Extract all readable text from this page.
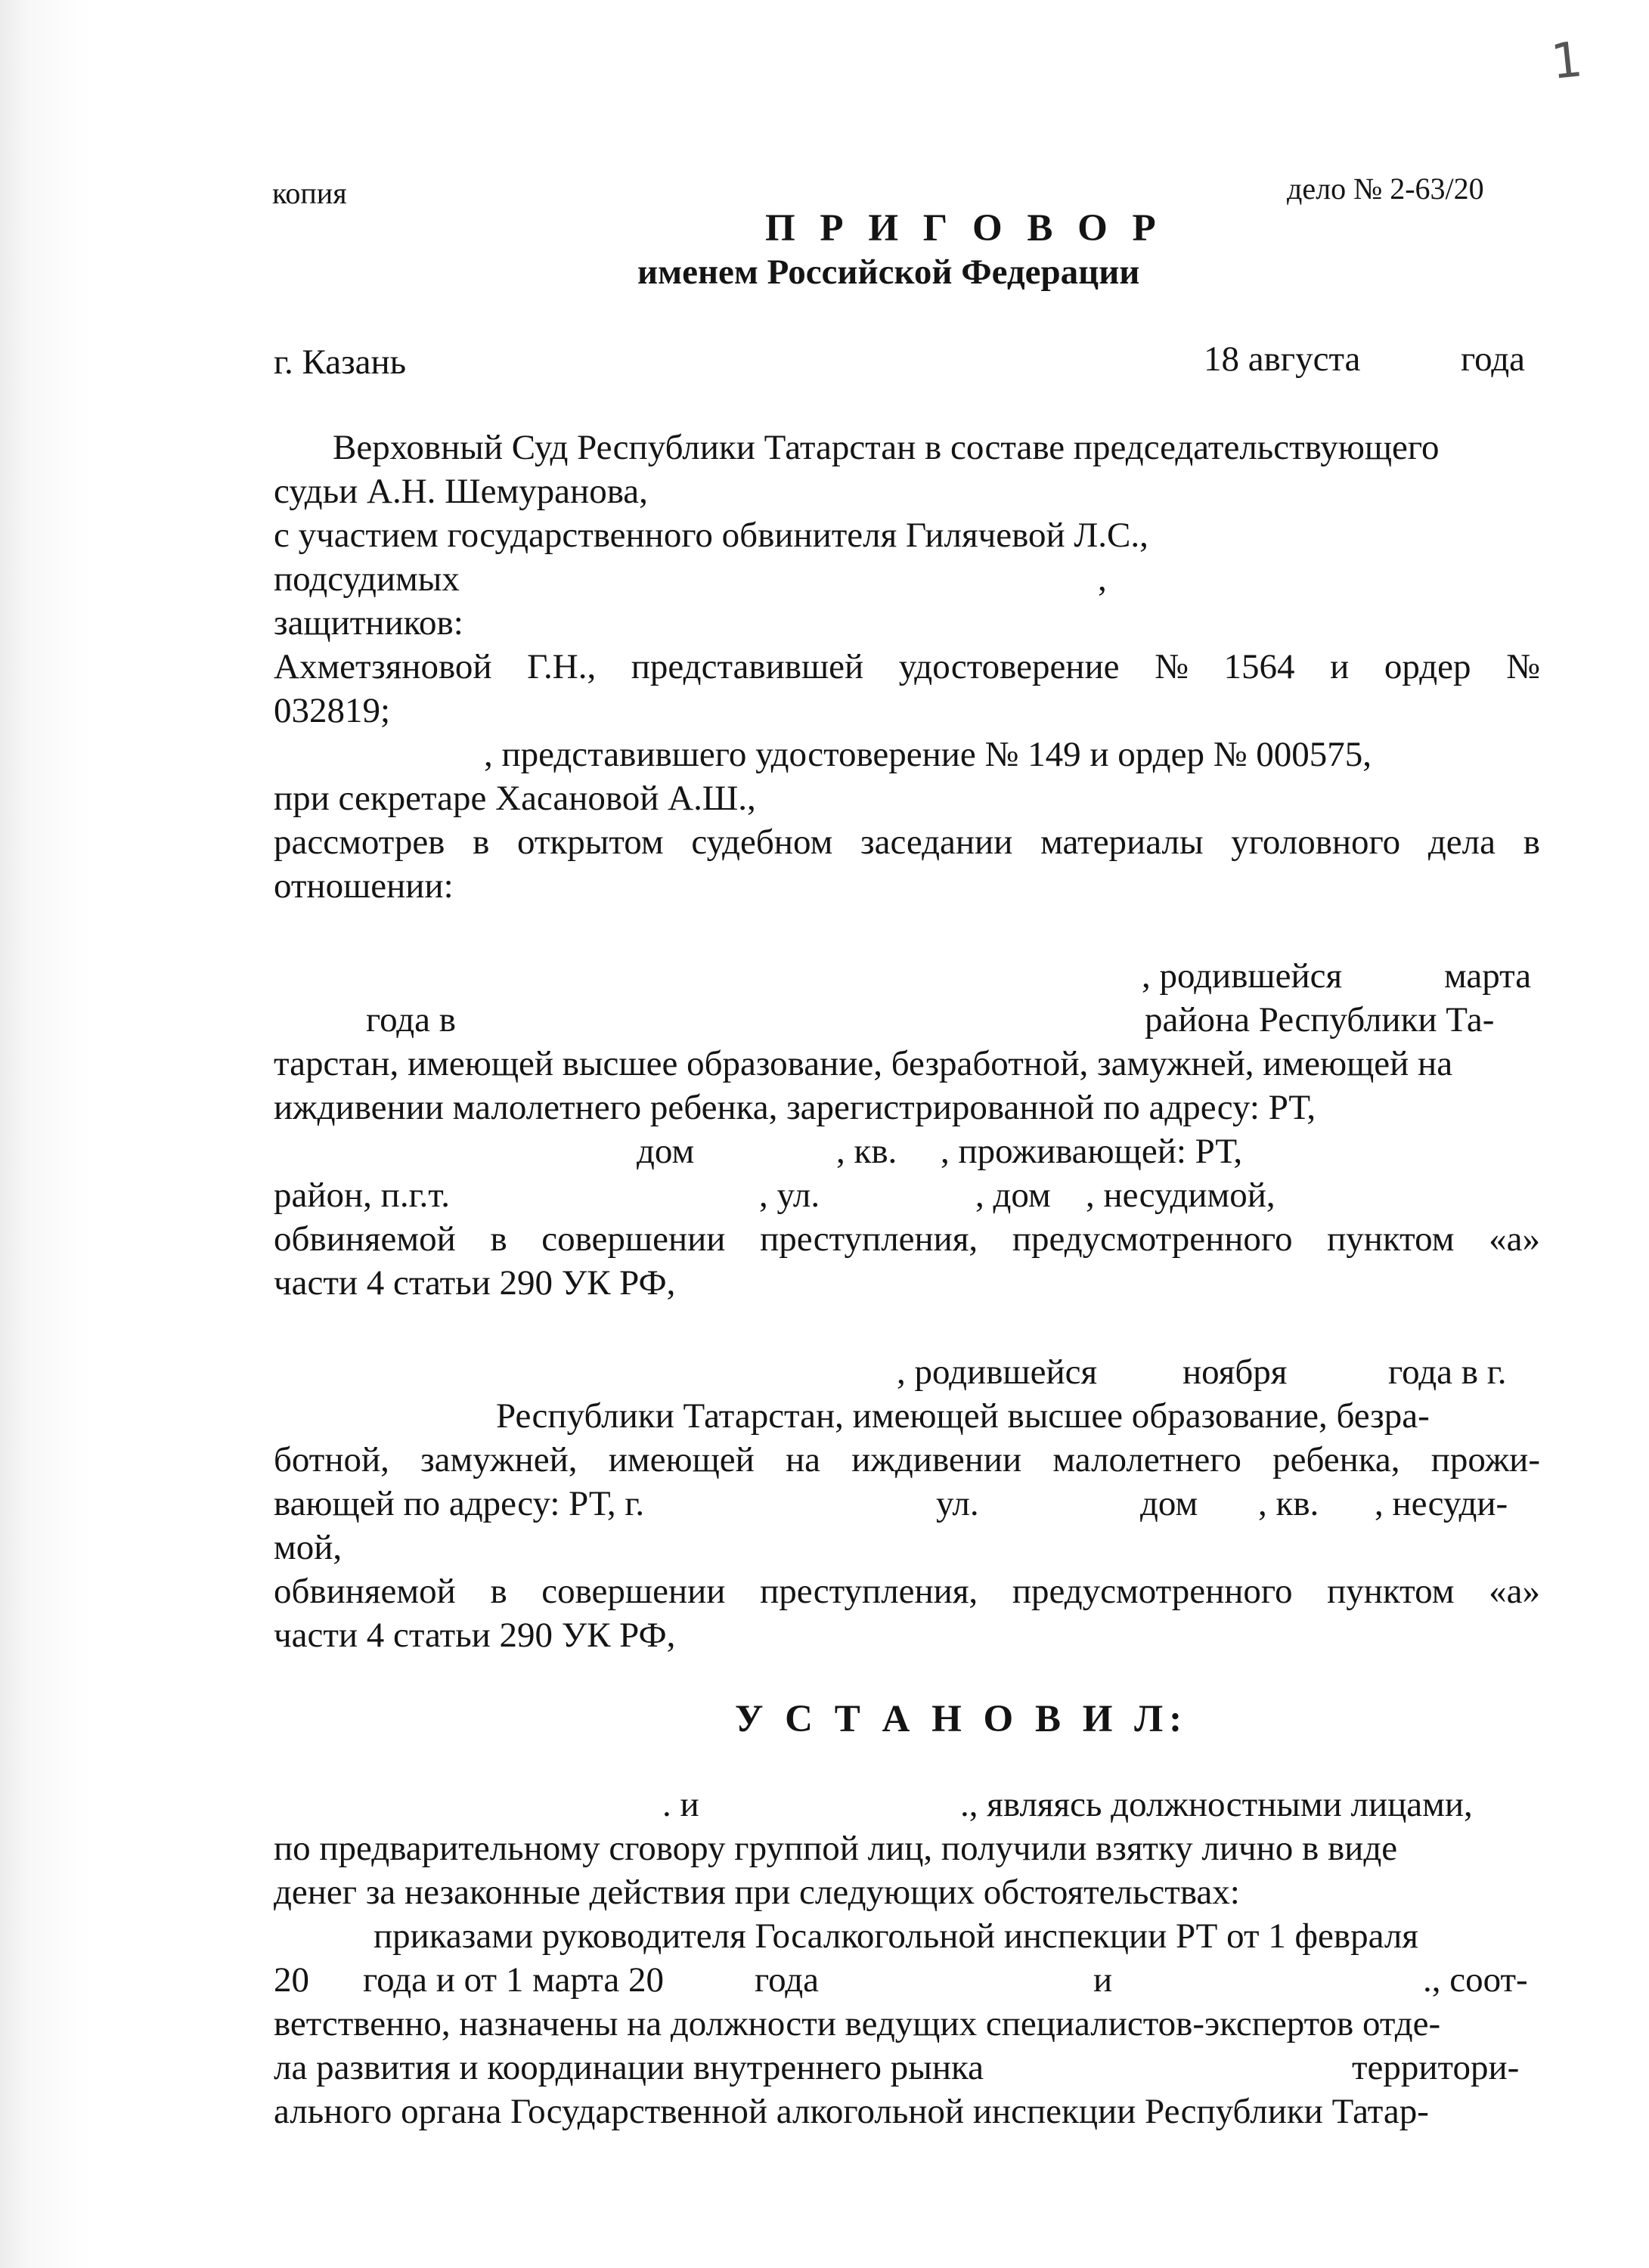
1
копия	дело № 2-63/20
П Р И Г О В О Р
именем Российской Федерации
г. Казань	18 августа	года
Верховный Суд Республики Татарстан в составе председательствующего
судьи А.Н. Шемуранова,
с участием государственного обвинителя Гилячевой Л.С.,
подсудимых	,
защитников:
Ахметзяновой Г.Н., представившей удостоверение № 1564 и ордер №
032819;
, представившего удостоверение № 149 и ордер № 000575,
при секретаре Хасановой А.Ш.,
рассмотрев в открытом судебном заседании материалы уголовного дела в
отношении:
, родившейся	марта
года в	района Республики Та-
тарстан, имеющей высшее образование, безработной, замужней, имеющей на
иждивении малолетнего ребенка, зарегистрированной по адресу: РТ,
дом	, кв. , проживающей: РТ,
район, п.г.т.	, ул.	, дом , несудимой,
обвиняемой в совершении преступления, предусмотренного пунктом «а»
части 4 статьи 290 УК РФ,
, родившейся ноября	года в г.
Республики Татарстан, имеющей высшее образование, безра-
ботной, замужней, имеющей на иждивении малолетнего ребенка, прожи-
вающей по адресу: РТ, г.	ул.	дом , кв. , несуди-
мой,
обвиняемой в совершении преступления, предусмотренного пунктом «а»
части 4 статьи 290 УК РФ,
У С Т А Н О В И Л:
. и	., являясь должностными лицами,
по предварительному сговору группой лиц, получили взятку лично в виде
денег за незаконные действия при следующих обстоятельствах:
приказами руководителя Госалкогольной инспекции РТ от 1 февраля
20 года и от 1 марта 20	года	и	., соот-
ветственно, назначены на должности ведущих специалистов-экспертов отде-
ла развития и координации внутреннего рынка	территори-
ального органа Государственной алкогольной инспекции Республики Татар-
